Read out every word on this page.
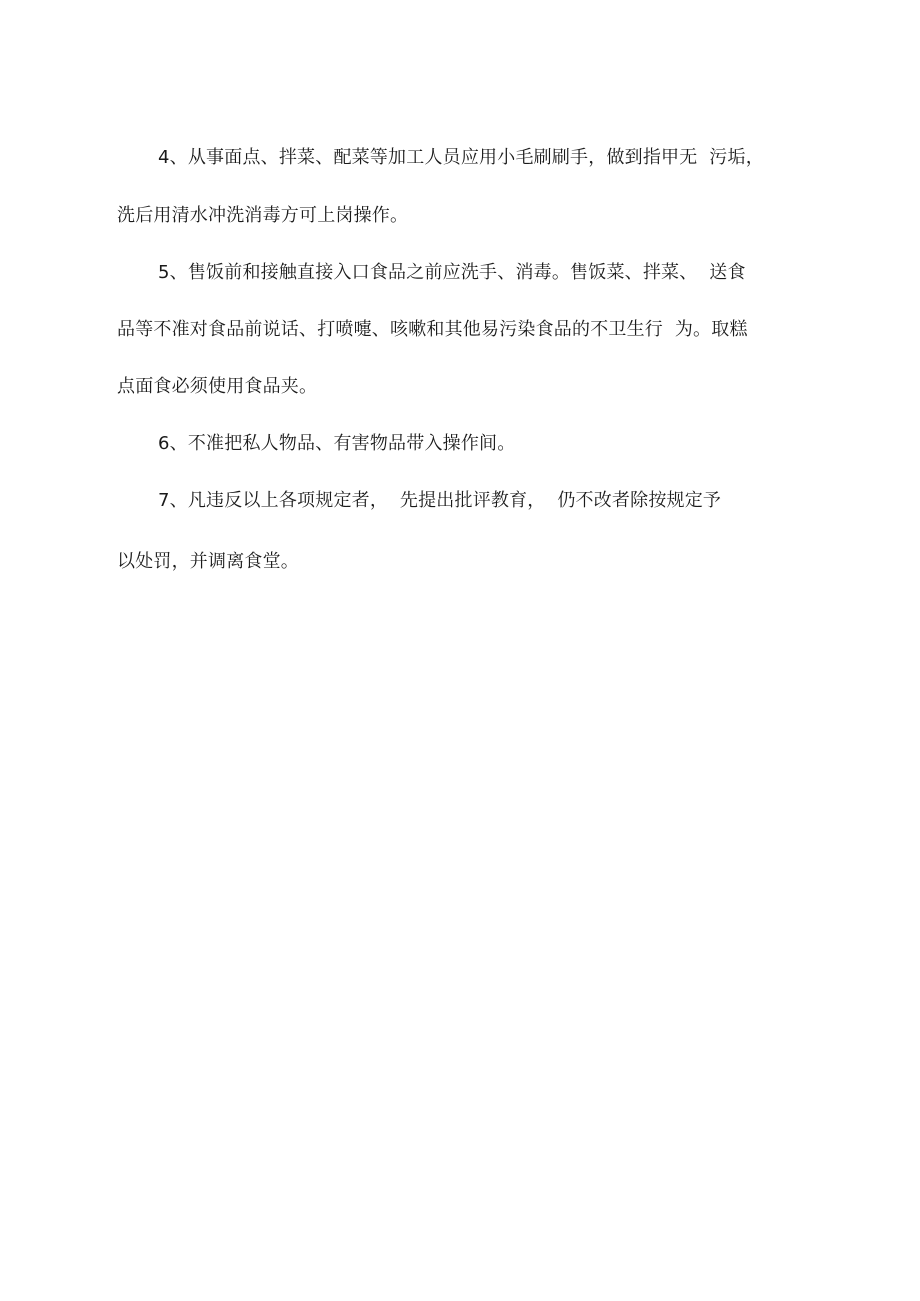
4、从事面点、拌菜、配菜等加工人员应用小毛刷刷手，做到指甲无  污垢，
洗后用清水冲洗消毒方可上岗操作。
5、售饭前和接触直接入口食品之前应洗手、消毒。售饭菜、拌菜、  送食
品等不准对食品前说话、打喷嚏、咳嗽和其他易污染食品的不卫生行  为。取糕
点面食必须使用食品夹。
6、不准把私人物品、有害物品带入操作间。
7、凡违反以上各项规定者，  先提出批评教育，  仍不改者除按规定予
以处罚，并调离食堂。
